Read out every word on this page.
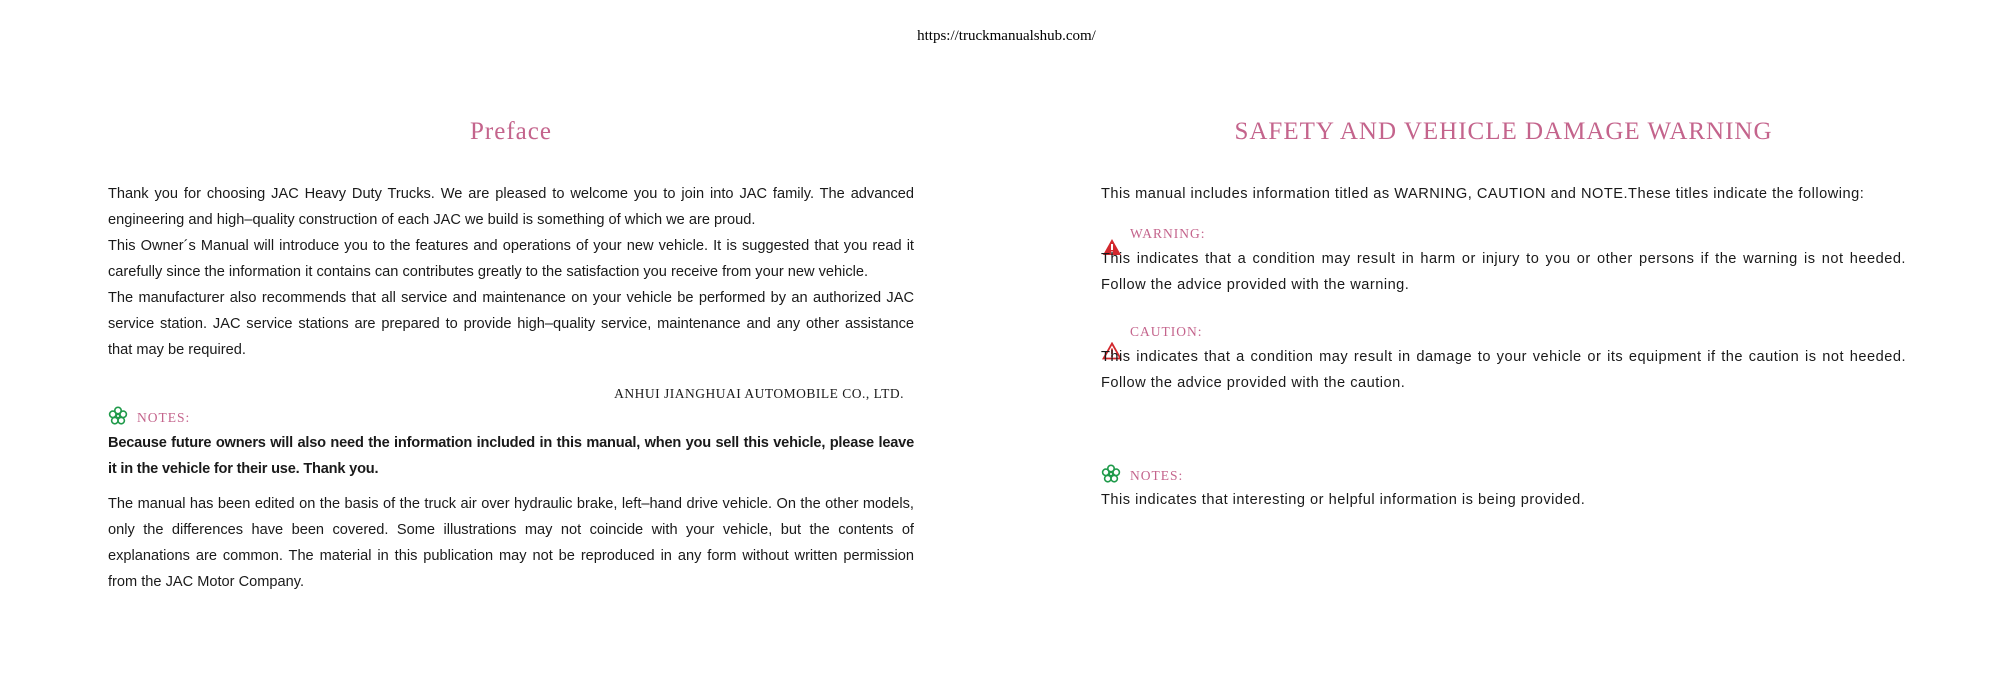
https://truckmanualshub.com/
Preface

Thank you for choosing JAC Heavy Duty Trucks. We are pleased to welcome you to join into JAC family. The advanced engineering and high–quality construction of each JAC we build is something of which we are proud.

This Owner´s Manual will introduce you to the features and operations of your new vehicle. It is suggested that you read it carefully since the information it contains can contributes greatly to the satisfaction you receive from your new vehicle.

The manufacturer also recommends that all service and maintenance on your vehicle be performed by an authorized JAC service station. JAC service stations are prepared to provide high–quality service, maintenance and any other assistance that may be required.

ANHUI JIANGHUAI AUTOMOBILE CO., LTD.
NOTES:
Because future owners will also need the information included in this manual, when you sell this vehicle, please leave it in the vehicle for their use. Thank you.
The manual has been edited on the basis of the truck air over hydraulic brake, left–hand drive vehicle. On the other models, only the differences have been covered. Some illustrations may not coincide with your vehicle, but the contents of explanations are common. The material in this publication may not be reproduced in any form without written permission from the JAC Motor Company.
SAFETY AND VEHICLE DAMAGE WARNING
This manual includes information titled as WARNING, CAUTION and NOTE.These titles indicate the following:
WARNING:
This indicates that a condition may result in harm or injury to you or other persons if the warning is not heeded. Follow the advice provided with the warning.
CAUTION:
This indicates that a condition may result in damage to your vehicle or its equipment if the caution is not heeded. Follow the advice provided with the caution.
NOTES:
This indicates that interesting or helpful information is being provided.
